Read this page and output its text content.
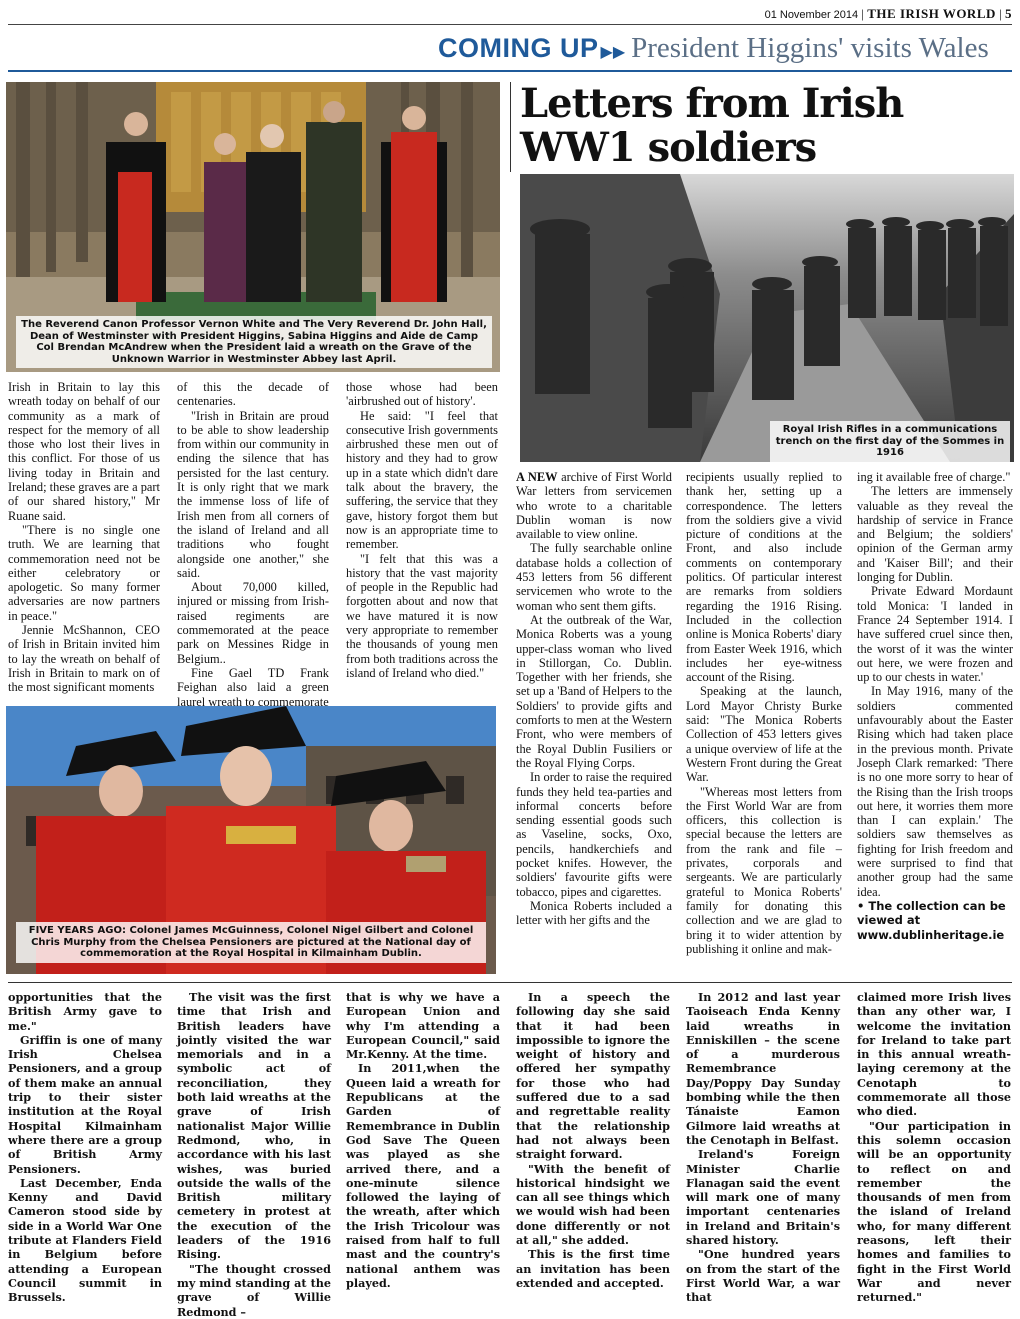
01 November 2014 | THE IRISH WORLD | 5
COMING UP ▶▶ President Higgins' visits Wales
Letters from Irish WW1 soldiers
The Reverend Canon Professor Vernon White and The Very Reverend Dr. John Hall, Dean of Westminster with President Higgins, Sabina Higgins and Aide de Camp Col Brendan McAndrew when the President laid a wreath on the Grave of the Unknown Warrior in Westminster Abbey last April.
Royal Irish Rifles in a communications trench on the first day of the Sommes in 1916
FIVE YEARS AGO: Colonel James McGuinness, Colonel Nigel Gilbert and Colonel Chris Murphy from the Chelsea Pensioners are pictured at the National day of commemoration at the Royal Hospital in Kilmainham Dublin.

Irish in Britain to lay this wreath today on behalf of our community as a mark of respect for the memory of all those who lost their lives in this conflict. For those of us living today in Britain and Ireland; these graves are a part of our shared history," Mr Ruane said.

"There is no single one truth. We are learning that commemoration need not be either celebratory or apologetic. So many former adversaries are now partners in peace."

Jennie McShannon, CEO of Irish in Britain invited him to lay the wreath on behalf of Irish in Britain to mark on of the most significant moments

of this the decade of centenaries.

"Irish in Britain are proud to be able to show leadership from within our community in ending the silence that has persisted for the last century. It is only right that we mark the immense loss of life of Irish men from all corners of the island of Ireland and all traditions who fought alongside one another," she said.

About 70,000 killed, injured or missing from Irish-raised regiments are commemorated at the peace park on Messines Ridge in Belgium..

Fine Gael TD Frank Feighan also laid a green laurel wreath to commemorate

those whose had been 'airbrushed out of history'.

He said: "I feel that consecutive Irish governments airbrushed these men out of history and they had to grow up in a state which didn't dare talk about the bravery, the suffering, the service that they gave, history forgot them but now is an appropriate time to remember.

"I felt that this was a history that the vast majority of people in the Republic had forgotten about and now that we have matured it is now very appropriate to remember the thousands of young men from both traditions across the island of Ireland who died."

A NEW archive of First World War letters from servicemen who wrote to a charitable Dublin woman is now available to view online.

The fully searchable online database holds a collection of 453 letters from 56 different servicemen who wrote to the woman who sent them gifts.

At the outbreak of the War, Monica Roberts was a young upper-class woman who lived in Stillorgan, Co. Dublin. Together with her friends, she set up a 'Band of Helpers to the Soldiers' to provide gifts and comforts to men at the Western Front, who were members of the Royal Dublin Fusiliers or the Royal Flying Corps.

In order to raise the required funds they held tea-parties and informal concerts before sending essential goods such as Vaseline, socks, Oxo, pencils, handkerchiefs and pocket knifes. However, the soldiers' favourite gifts were tobacco, pipes and cigarettes.

Monica Roberts included a letter with her gifts and the

recipients usually replied to thank her, setting up a correspondence. The letters from the soldiers give a vivid picture of conditions at the Front, and also include comments on contemporary politics. Of particular interest are remarks from soldiers regarding the 1916 Rising. Included in the collection online is Monica Roberts' diary from Easter Week 1916, which includes her eye-witness account of the Rising.

Speaking at the launch, Lord Mayor Christy Burke said: "The Monica Roberts Collection of 453 letters gives a unique overview of life at the Western Front during the Great War.

"Whereas most letters from the First World War are from officers, this collection is special because the letters are from the rank and file – privates, corporals and sergeants. We are particularly grateful to Monica Roberts' family for donating this collection and we are glad to bring it to wider attention by publishing it online and mak-

ing it available free of charge."

The letters are immensely valuable as they reveal the hardship of service in France and Belgium; the soldiers' opinion of the German army and 'Kaiser Bill'; and their longing for Dublin.

Private Edward Mordaunt told Monica: 'I landed in France 24 September 1914. I have suffered cruel since then, the worst of it was the winter out here, we were frozen and up to our chests in water.'

In May 1916, many of the soldiers commented unfavourably about the Easter Rising which had taken place in the previous month. Private Joseph Clark remarked: 'There is no one more sorry to hear of the Rising than the Irish troops out here, it worries them more than I can explain.' The soldiers saw themselves as fighting for Irish freedom and were surprised to find that another group had the same idea.

• The collection can be viewed at www.dublinheritage.ie

opportunities that the British Army gave to me."

Griffin is one of many Irish Chelsea Pensioners, and a group of them make an annual trip to their sister institution at the Royal Hospital Kilmainham where there are a group of British Army Pensioners.

Last December, Enda Kenny and David Cameron stood side by side in a World War One tribute at Flanders Field in Belgium before attending a European Council summit in Brussels.

The visit was the first time that Irish and British leaders have jointly visited the war memorials and in a symbolic act of reconciliation, they both laid wreaths at the grave of Irish nationalist Major Willie Redmond, who, in accordance with his last wishes, was buried outside the walls of the British military cemetery in protest at the execution of the leaders of the 1916 Rising.

"The thought crossed my mind standing at the grave of Willie Redmond –

that is why we have a European Union and why I'm attending a European Council," said Mr.Kenny. At the time.

In 2011,when the Queen laid a wreath for Republicans at the Garden of Remembrance in Dublin God Save The Queen was played as she arrived there, and a one-minute silence followed the laying of the wreath, after which the Irish Tricolour was raised from half to full mast and the country's national anthem was played.

In a speech the following day she said that it had been impossible to ignore the weight of history and offered her sympathy for those who had suffered due to a sad and regrettable reality that the relationship had not always been straight forward.

"With the benefit of historical hindsight we can all see things which we would wish had been done differently or not at all," she added.

This is the first time an invitation has been extended and accepted.

In 2012 and last year Taoiseach Enda Kenny laid wreaths in Enniskillen – the scene of a murderous Remembrance Day/Poppy Day Sunday bombing while the then Tánaiste Eamon Gilmore laid wreaths at the Cenotaph in Belfast.

Ireland's Foreign Minister Charlie Flanagan said the event will mark one of many important centenaries in Ireland and Britain's shared history.

"One hundred years on from the start of the First World War, a war that

claimed more Irish lives than any other war, I welcome the invitation for Ireland to take part in this annual wreath-laying ceremony at the Cenotaph to commemorate all those who died.

"Our participation in this solemn occasion will be an opportunity to reflect on and remember the thousands of men from the island of Ireland who, for many different reasons, left their homes and families to fight in the First World War and never returned."
